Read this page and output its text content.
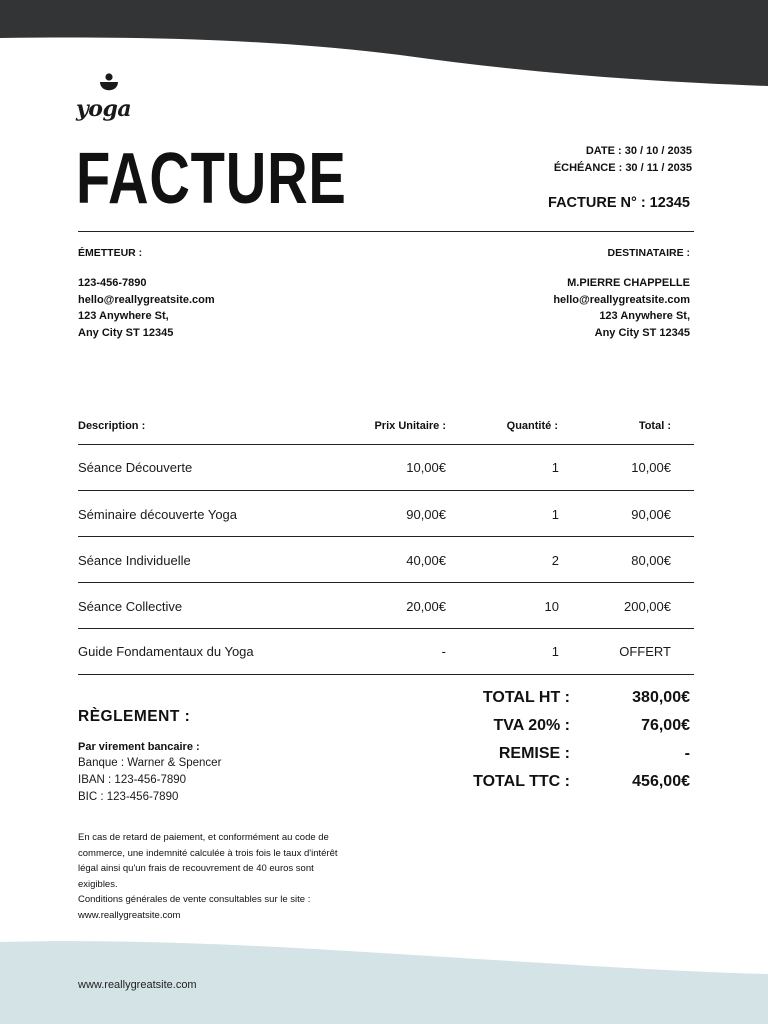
yoga
FACTURE	DATE : 30 / 10 / 2035
ÉCHÉANCE : 30 / 11 / 2035
FACTURE N° : 12345
ÉMETTEUR :
123-456-7890
hello@reallygreatsite.com
123 Anywhere St,
Any City ST 12345
DESTINATAIRE :
M.PIERRE CHAPPELLE
hello@reallygreatsite.com
123 Anywhere St,
Any City ST 12345
Description :	Prix Unitaire :	Quantité :	Total :
Séance Découverte	10,00€	1	10,00€
Séminaire découverte Yoga	90,00€	1	90,00€
Séance Individuelle	40,00€	2	80,00€
Séance Collective	20,00€	10	200,00€
Guide Fondamentaux du Yoga	-	1	OFFERT
TOTAL HT :	380,00€
TVA 20% :	76,00€
REMISE :	-
TOTAL TTC :	456,00€
RÈGLEMENT :
Par virement bancaire :
Banque : Warner & Spencer
IBAN : 123-456-7890
BIC : 123-456-7890
En cas de retard de paiement, et conformément au code de commerce, une indemnité calculée à trois fois le taux d'intérêt légal ainsi qu'un frais de recouvrement de 40 euros sont exigibles.
Conditions générales de vente consultables sur le site : www.reallygreatsite.com
www.reallygreatsite.com
